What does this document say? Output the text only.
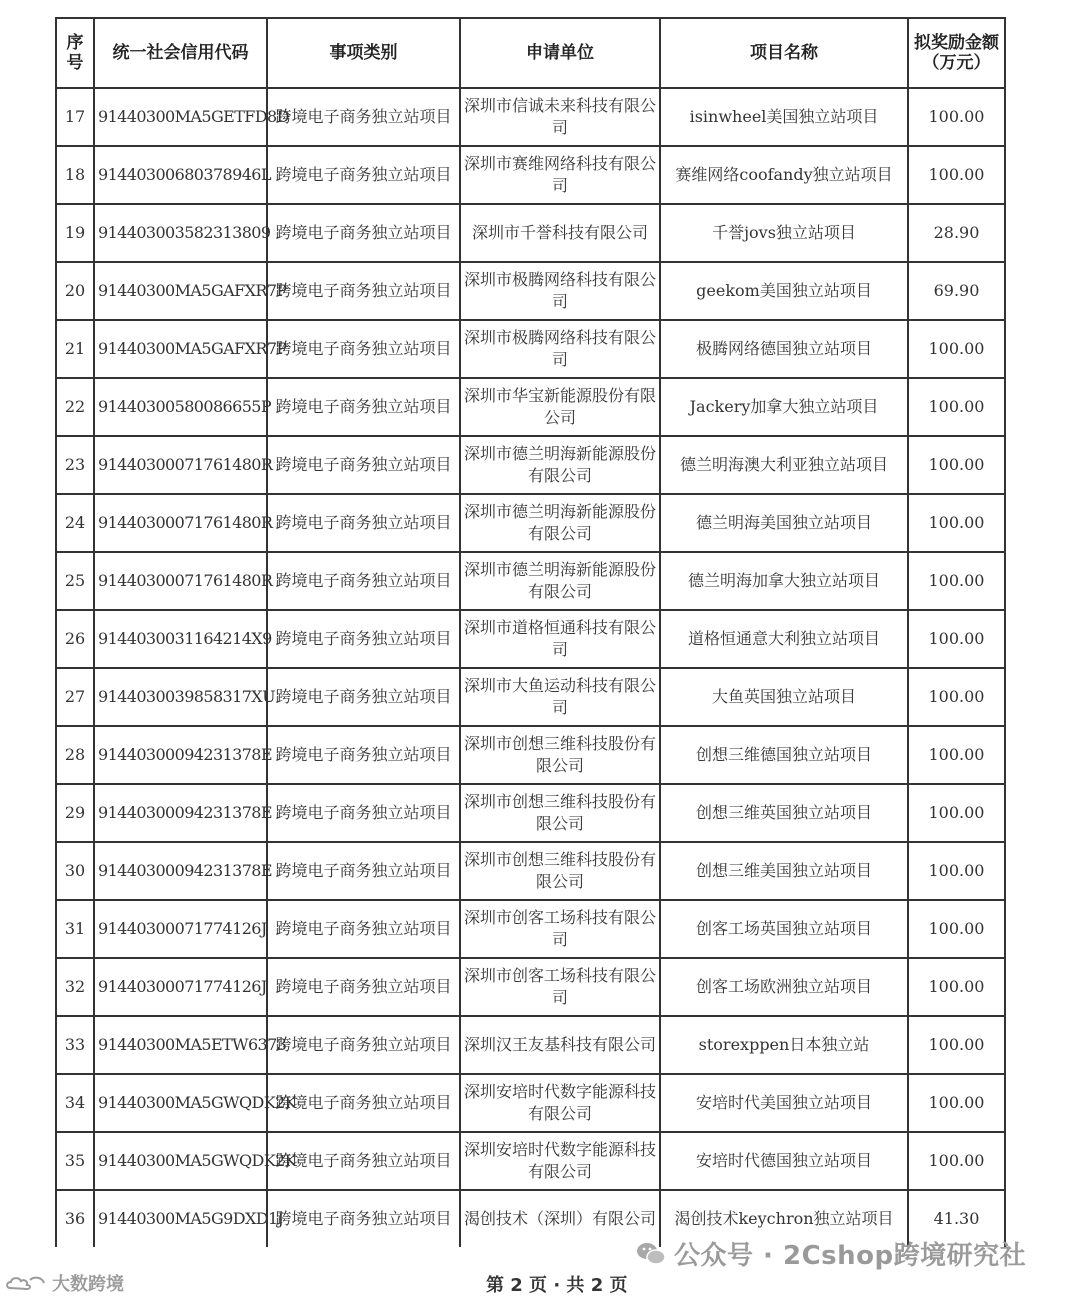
序号	统一社会信用代码	事项类别	申请单位	项目名称	拟奖励金额（万元）
17	91440300MA5GETFD8D	跨境电子商务独立站项目	深圳市信诚未来科技有限公司	isinwheel美国独立站项目	100.00
18	91440300680378946L	跨境电子商务独立站项目	深圳市赛维网络科技有限公司	赛维网络coofandy独立站项目	100.00
19	914403003582313809	跨境电子商务独立站项目	深圳市千誉科技有限公司	千誉jovs独立站项目	28.90
20	91440300MA5GAFXR7P	跨境电子商务独立站项目	深圳市极腾网络科技有限公司	geekom美国独立站项目	69.90
21	91440300MA5GAFXR7P	跨境电子商务独立站项目	深圳市极腾网络科技有限公司	极腾网络德国独立站项目	100.00
22	91440300580086655P	跨境电子商务独立站项目	深圳市华宝新能源股份有限公司	Jackery加拿大独立站项目	100.00
23	91440300071761480R	跨境电子商务独立站项目	深圳市德兰明海新能源股份有限公司	德兰明海澳大利亚独立站项目	100.00
24	91440300071761480R	跨境电子商务独立站项目	深圳市德兰明海新能源股份有限公司	德兰明海美国独立站项目	100.00
25	91440300071761480R	跨境电子商务独立站项目	深圳市德兰明海新能源股份有限公司	德兰明海加拿大独立站项目	100.00
26	9144030031164214X9	跨境电子商务独立站项目	深圳市道格恒通科技有限公司	道格恒通意大利独立站项目	100.00
27	9144030039858317XU	跨境电子商务独立站项目	深圳市大鱼运动科技有限公司	大鱼英国独立站项目	100.00
28	91440300094231378E	跨境电子商务独立站项目	深圳市创想三维科技股份有限公司	创想三维德国独立站项目	100.00
29	91440300094231378E	跨境电子商务独立站项目	深圳市创想三维科技股份有限公司	创想三维英国独立站项目	100.00
30	91440300094231378E	跨境电子商务独立站项目	深圳市创想三维科技股份有限公司	创想三维美国独立站项目	100.00
31	91440300071774126J	跨境电子商务独立站项目	深圳市创客工场科技有限公司	创客工场英国独立站项目	100.00
32	91440300071774126J	跨境电子商务独立站项目	深圳市创客工场科技有限公司	创客工场欧洲独立站项目	100.00
33	91440300MA5ETW6373	跨境电子商务独立站项目	深圳汉王友基科技有限公司	storexppen日本独立站	100.00
34	91440300MA5GWQDK2K	跨境电子商务独立站项目	深圳安培时代数字能源科技有限公司	安培时代美国独立站项目	100.00
35	91440300MA5GWQDK2K	跨境电子商务独立站项目	深圳安培时代数字能源科技有限公司	安培时代德国独立站项目	100.00
36	91440300MA5G9DXD1J	跨境电子商务独立站项目	渴创技术（深圳）有限公司	渴创技术keychron独立站项目	41.30
第 2 页 · 共 2 页
大数跨境
公众号 · 2Cshop跨境研究社
